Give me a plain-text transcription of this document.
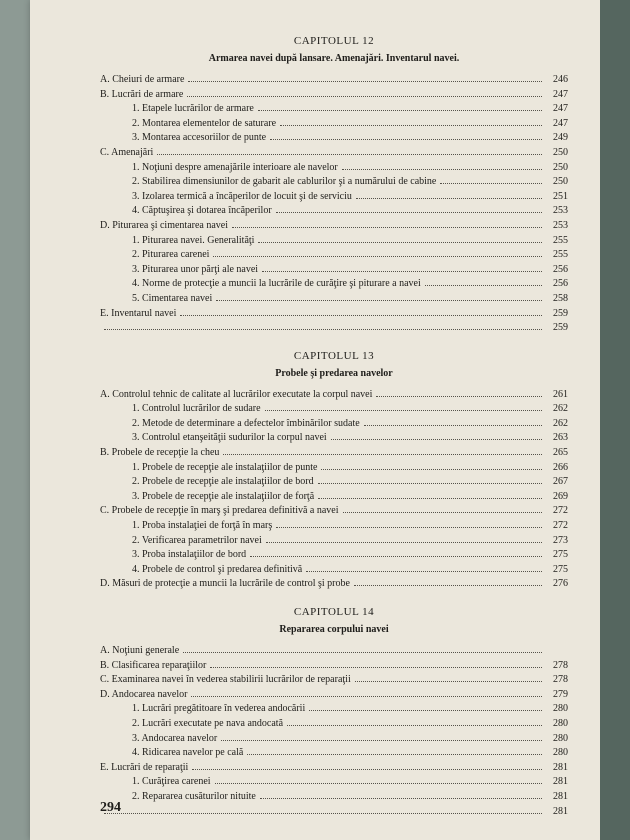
CAPITOLUL 12
Armarea navei după lansare. Amenajări. Inventarul navei.
A. Cheiuri de armare	246
B. Lucrări de armare	247
1. Etapele lucrărilor de armare	247
2. Montarea elementelor de saturare	247
3. Montarea accesoriilor de punte	249
C. Amenajări	250
1. Noţiuni despre amenajările interioare ale navelor	250
2. Stabilirea dimensiunilor de gabarit ale cablurilor şi a numărului de cabine	250
3. Izolarea termică a încăperilor de locuit şi de serviciu	251
4. Căptuşirea şi dotarea încăperilor	253
D. Piturarea şi cimentarea navei	253
1. Piturarea navei. Generalităţi	255
2. Piturarea carenei	255
3. Piturarea unor părţi ale navei	256
4. Norme de protecţie a muncii la lucrările de curăţire şi piturare a navei	256
5. Cimentarea navei	258
E. Inventarul navei	259
259
CAPITOLUL 13
Probele şi predarea navelor
A. Controlul tehnic de calitate al lucrărilor executate la corpul navei	261
1. Controlul lucrărilor de sudare	262
2. Metode de determinare a defectelor îmbinărilor sudate	262
3. Controlul etanşeităţii sudurilor la corpul navei	263
B. Probele de recepţie la cheu	265
1. Probele de recepţie ale instalaţiilor de punte	266
2. Probele de recepţie ale instalaţiilor de bord	267
3. Probele de recepţie ale instalaţiilor de forţă	269
C. Probele de recepţie în marş şi predarea definitivă a navei	272
1. Proba instalaţiei de forţă în marş	272
2. Verificarea parametrilor navei	273
3. Proba instalaţiilor de bord	275
4. Probele de control şi predarea definitivă	275
D. Măsuri de protecţie a muncii la lucrările de control şi probe	276
CAPITOLUL 14
Repararea corpului navei
A. Noţiuni generale
B. Clasificarea reparaţiilor	278
C. Examinarea navei în vederea stabilirii lucrărilor de reparaţii	278
D. Andocarea navelor	279
1. Lucrări pregătitoare în vederea andocării	280
2. Lucrări executate pe nava andocată	280
3. Andocarea navelor	280
4. Ridicarea navelor pe cală	280
E. Lucrări de reparaţii	281
1. Curăţirea carenei	281
2. Repararea cusăturilor nituite	281
281
294
